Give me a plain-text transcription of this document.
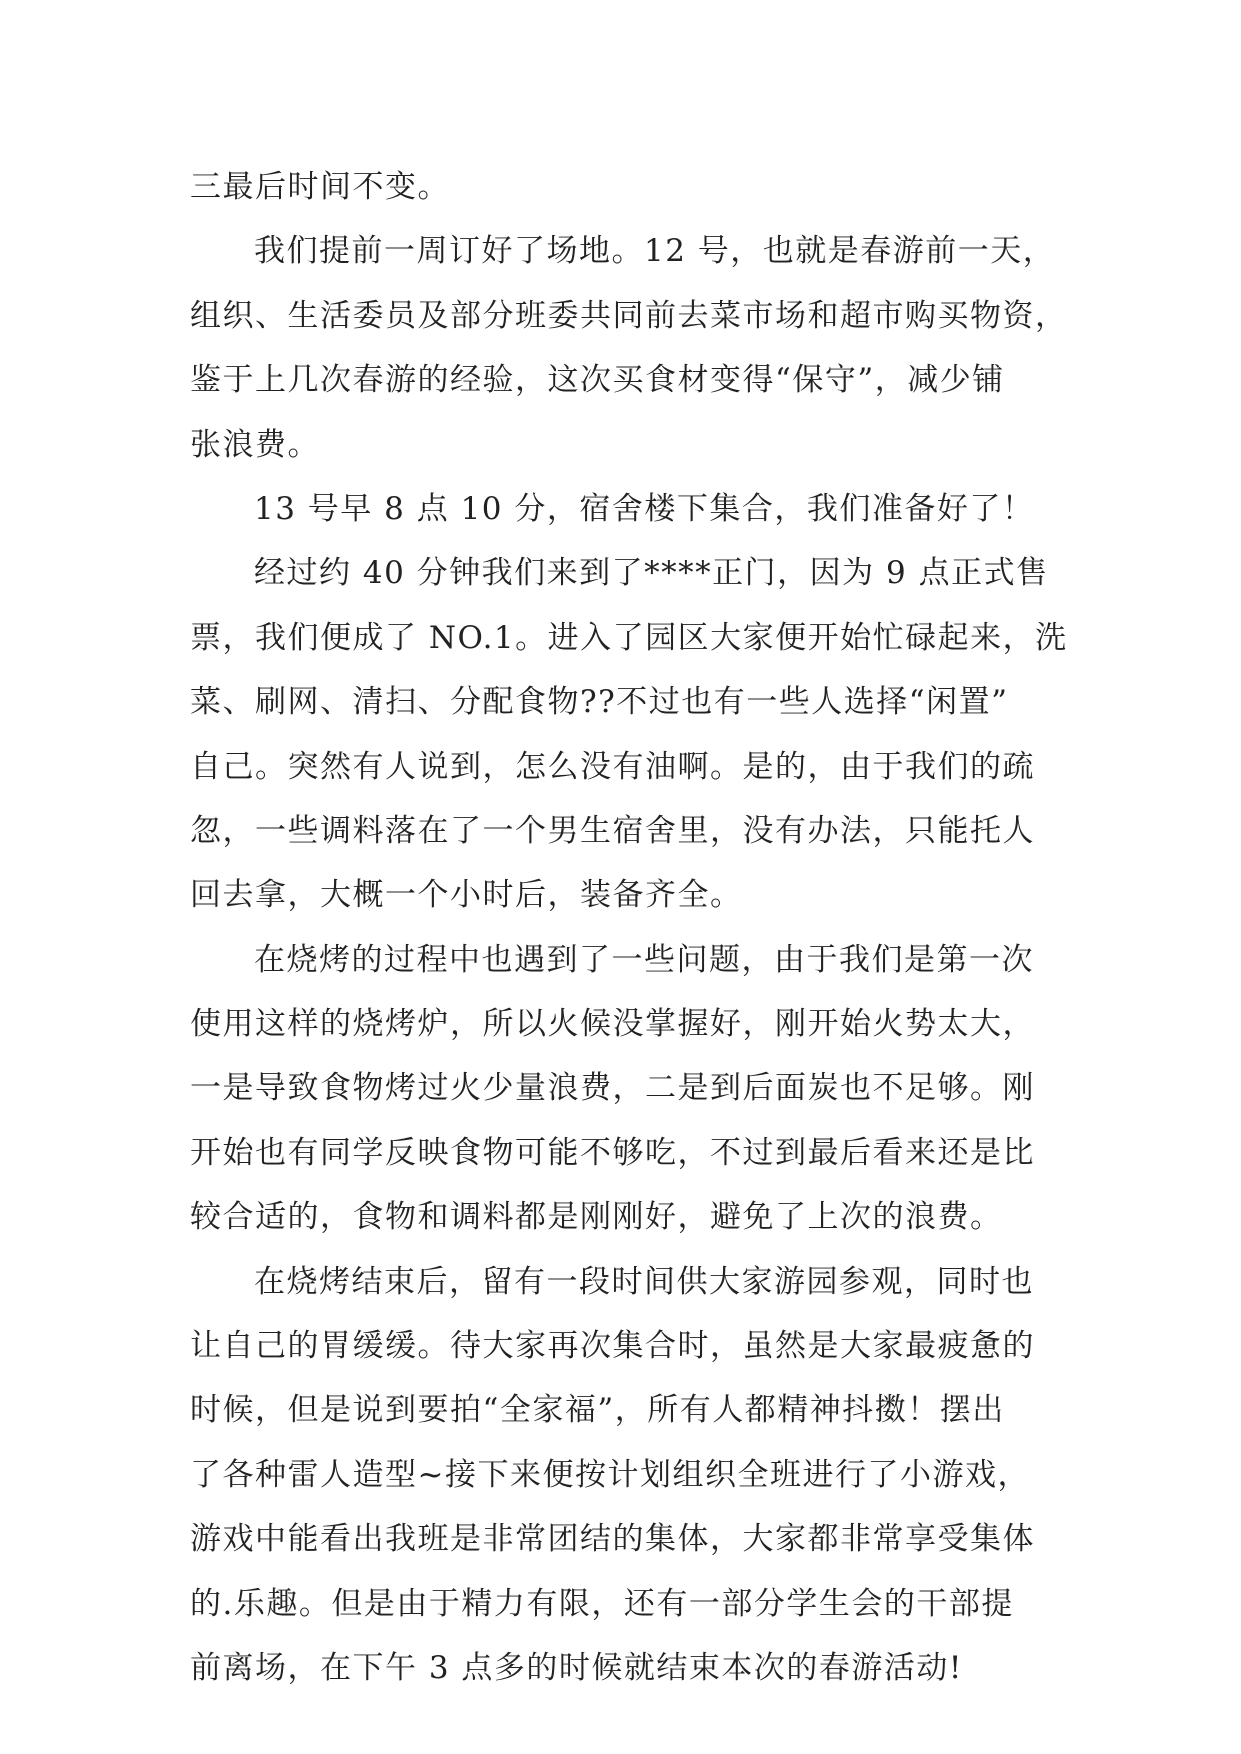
三最后时间不变。
我们提前一周订好了场地。12 号，也就是春游前一天，
组织、生活委员及部分班委共同前去菜市场和超市购买物资，
鉴于上几次春游的经验，这次买食材变得“保守”，减少铺
张浪费。
13 号早 8 点 10 分，宿舍楼下集合，我们准备好了！
经过约 40 分钟我们来到了****正门，因为 9 点正式售
票，我们便成了 NO.1。进入了园区大家便开始忙碌起来，洗
菜、刷网、清扫、分配食物??不过也有一些人选择“闲置”
自己。突然有人说到，怎么没有油啊。是的，由于我们的疏
忽，一些调料落在了一个男生宿舍里，没有办法，只能托人
回去拿，大概一个小时后，装备齐全。
在烧烤的过程中也遇到了一些问题，由于我们是第一次
使用这样的烧烤炉，所以火候没掌握好，刚开始火势太大，
一是导致食物烤过火少量浪费，二是到后面炭也不足够。刚
开始也有同学反映食物可能不够吃，不过到最后看来还是比
较合适的，食物和调料都是刚刚好，避免了上次的浪费。
在烧烤结束后，留有一段时间供大家游园参观，同时也
让自己的胃缓缓。待大家再次集合时，虽然是大家最疲惫的
时候，但是说到要拍“全家福”，所有人都精神抖擞！摆出
了各种雷人造型~接下来便按计划组织全班进行了小游戏，
游戏中能看出我班是非常团结的集体，大家都非常享受集体
的.乐趣。但是由于精力有限，还有一部分学生会的干部提
前离场，在下午 3 点多的时候就结束本次的春游活动!
